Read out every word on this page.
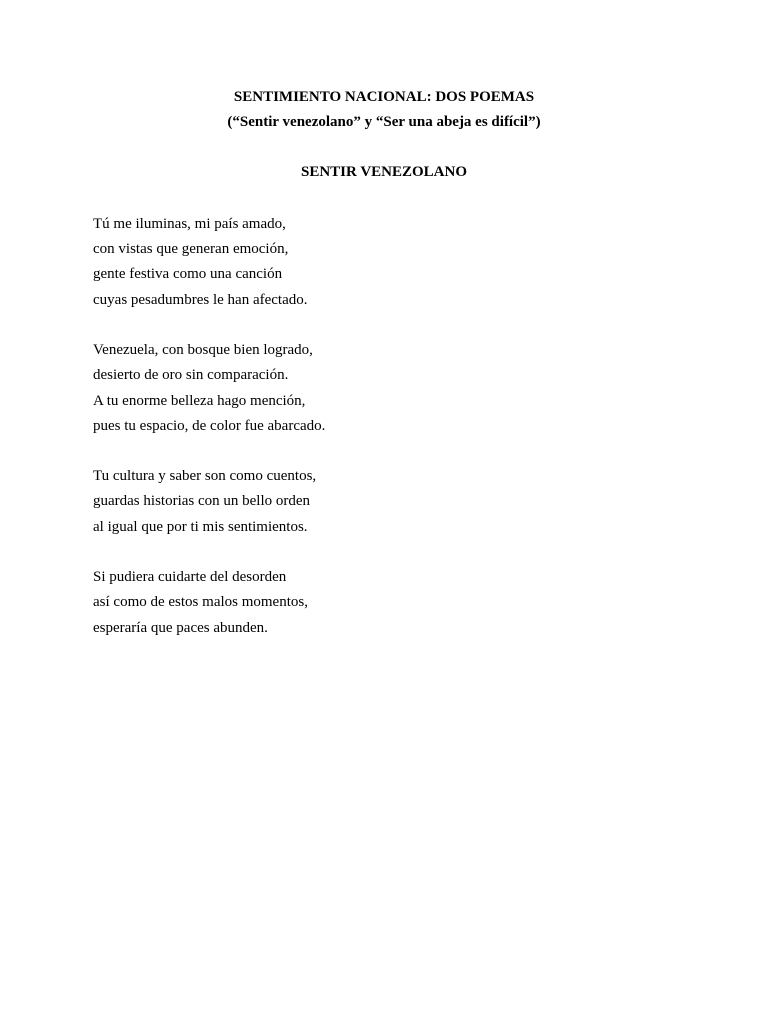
SENTIMIENTO NACIONAL: DOS POEMAS
(“Sentir venezolano” y “Ser una abeja es difícil”)
SENTIR VENEZOLANO
Tú me iluminas, mi país amado,
con vistas que generan emoción,
gente festiva como una canción
cuyas pesadumbres le han afectado.
Venezuela, con bosque bien logrado,
desierto de oro sin comparación.
A tu enorme belleza hago mención,
pues tu espacio, de color fue abarcado.
Tu cultura y saber son como cuentos,
guardas historias con un bello orden
al igual que por ti mis sentimientos.
Si pudiera cuidarte del desorden
así como de estos malos momentos,
esperaría que paces abunden.
